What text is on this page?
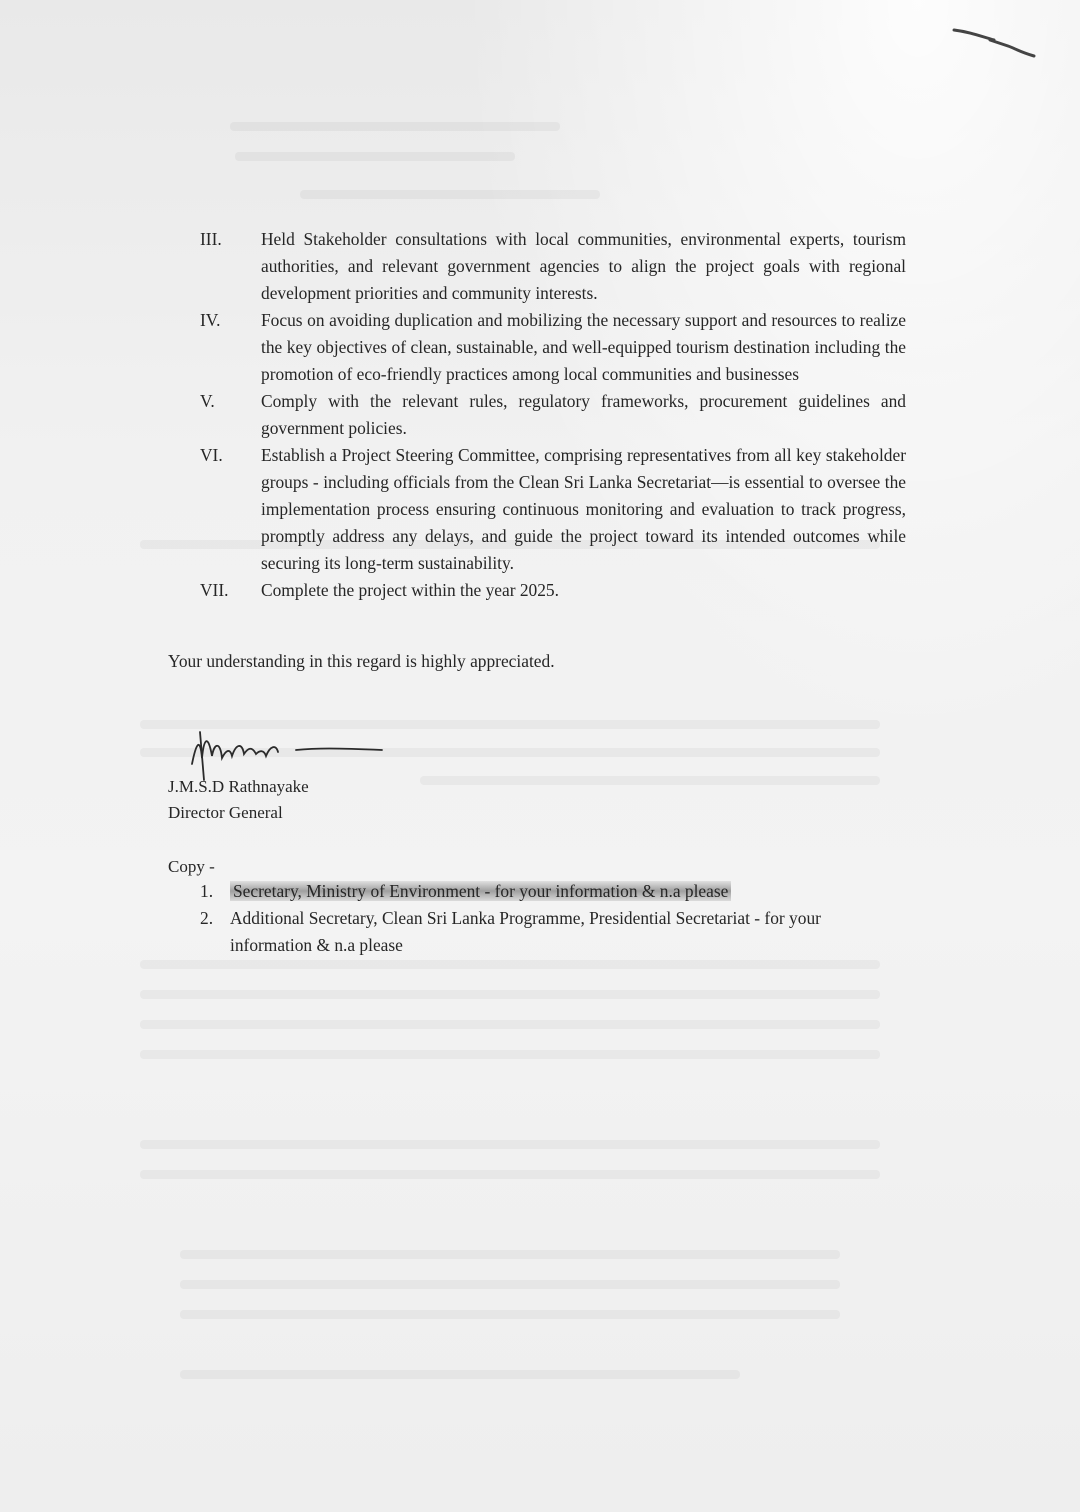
III.	Held Stakeholder consultations with local communities, environmental experts, tourism authorities, and relevant government agencies to align the project goals with regional development priorities and community interests.
IV.	Focus on avoiding duplication and mobilizing the necessary support and resources to realize the key objectives of clean, sustainable, and well-equipped tourism destination including the promotion of eco-friendly practices among local communities and businesses
V.	Comply with the relevant rules, regulatory frameworks, procurement guidelines and government policies.
VI.	Establish a Project Steering Committee, comprising representatives from all key stakeholder groups - including officials from the Clean Sri Lanka Secretariat—is essential to oversee the implementation process ensuring continuous monitoring and evaluation to track progress, promptly address any delays, and guide the project toward its intended outcomes while securing its long-term sustainability.
VII.	Complete the project within the year 2025.
Your understanding in this regard is highly appreciated.
J.M.S.D Rathnayake
Director General
Copy -
1.	Secretary, Ministry of Environment - for your information & n.a please
2. Additional Secretary, Clean Sri Lanka Programme, Presidential Secretariat - for your information & n.a please
